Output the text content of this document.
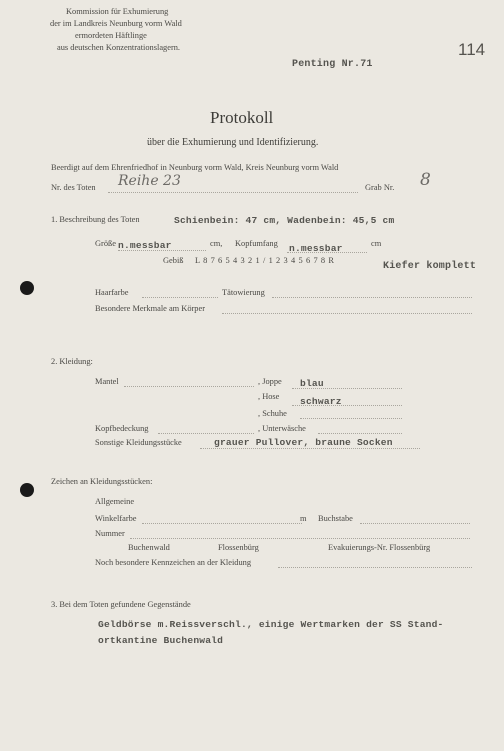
Kommission für Exhumierung
der im Landkreis Neunburg vorm Wald
ermordeten Häftlinge
aus deutschen Konzentrationslagern.	114
Penting Nr.71
Protokoll
über die Exhumierung und Identifizierung.
Beerdigt auf dem Ehrenfriedhof in Neunburg vorm Wald, Kreis Neunburg vorm Wald
Nr. des Toten Reihe 23	Grab Nr. 8
1. Beschreibung des Toten	Schienbein: 47 cm, Wadenbein: 45,5 cm
Größe n.messbar	cm, Kopfumfang n.messbar	cm
Gebiß L 8 7 6 5 4 3 2 1 / 1 2 3 4 5 6 7 8 R
Kiefer komplett
Haarfarbe	Tätowierung
Besondere Merkmale am Körper
2. Kleidung:
Mantel	, Joppe blau
, Hose schwarz
, Schuhe
Kopfbedeckung	, Unterwäsche
Sonstige Kleidungsstücke	grauer Pullover, braune Socken
Zeichen an Kleidungsstücken:
Allgemeine
Winkelfarbe	m Buchstabe
Nummer
Buchenwald	Flossenbürg	Evakuierungs-Nr. Flossenbürg
Noch besondere Kennzeichen an der Kleidung
3. Bei dem Toten gefundene Gegenstände
Geldbörse m.Reissverschl., einige Wertmarken der SS Stand-
ortkantine Buchenwald
